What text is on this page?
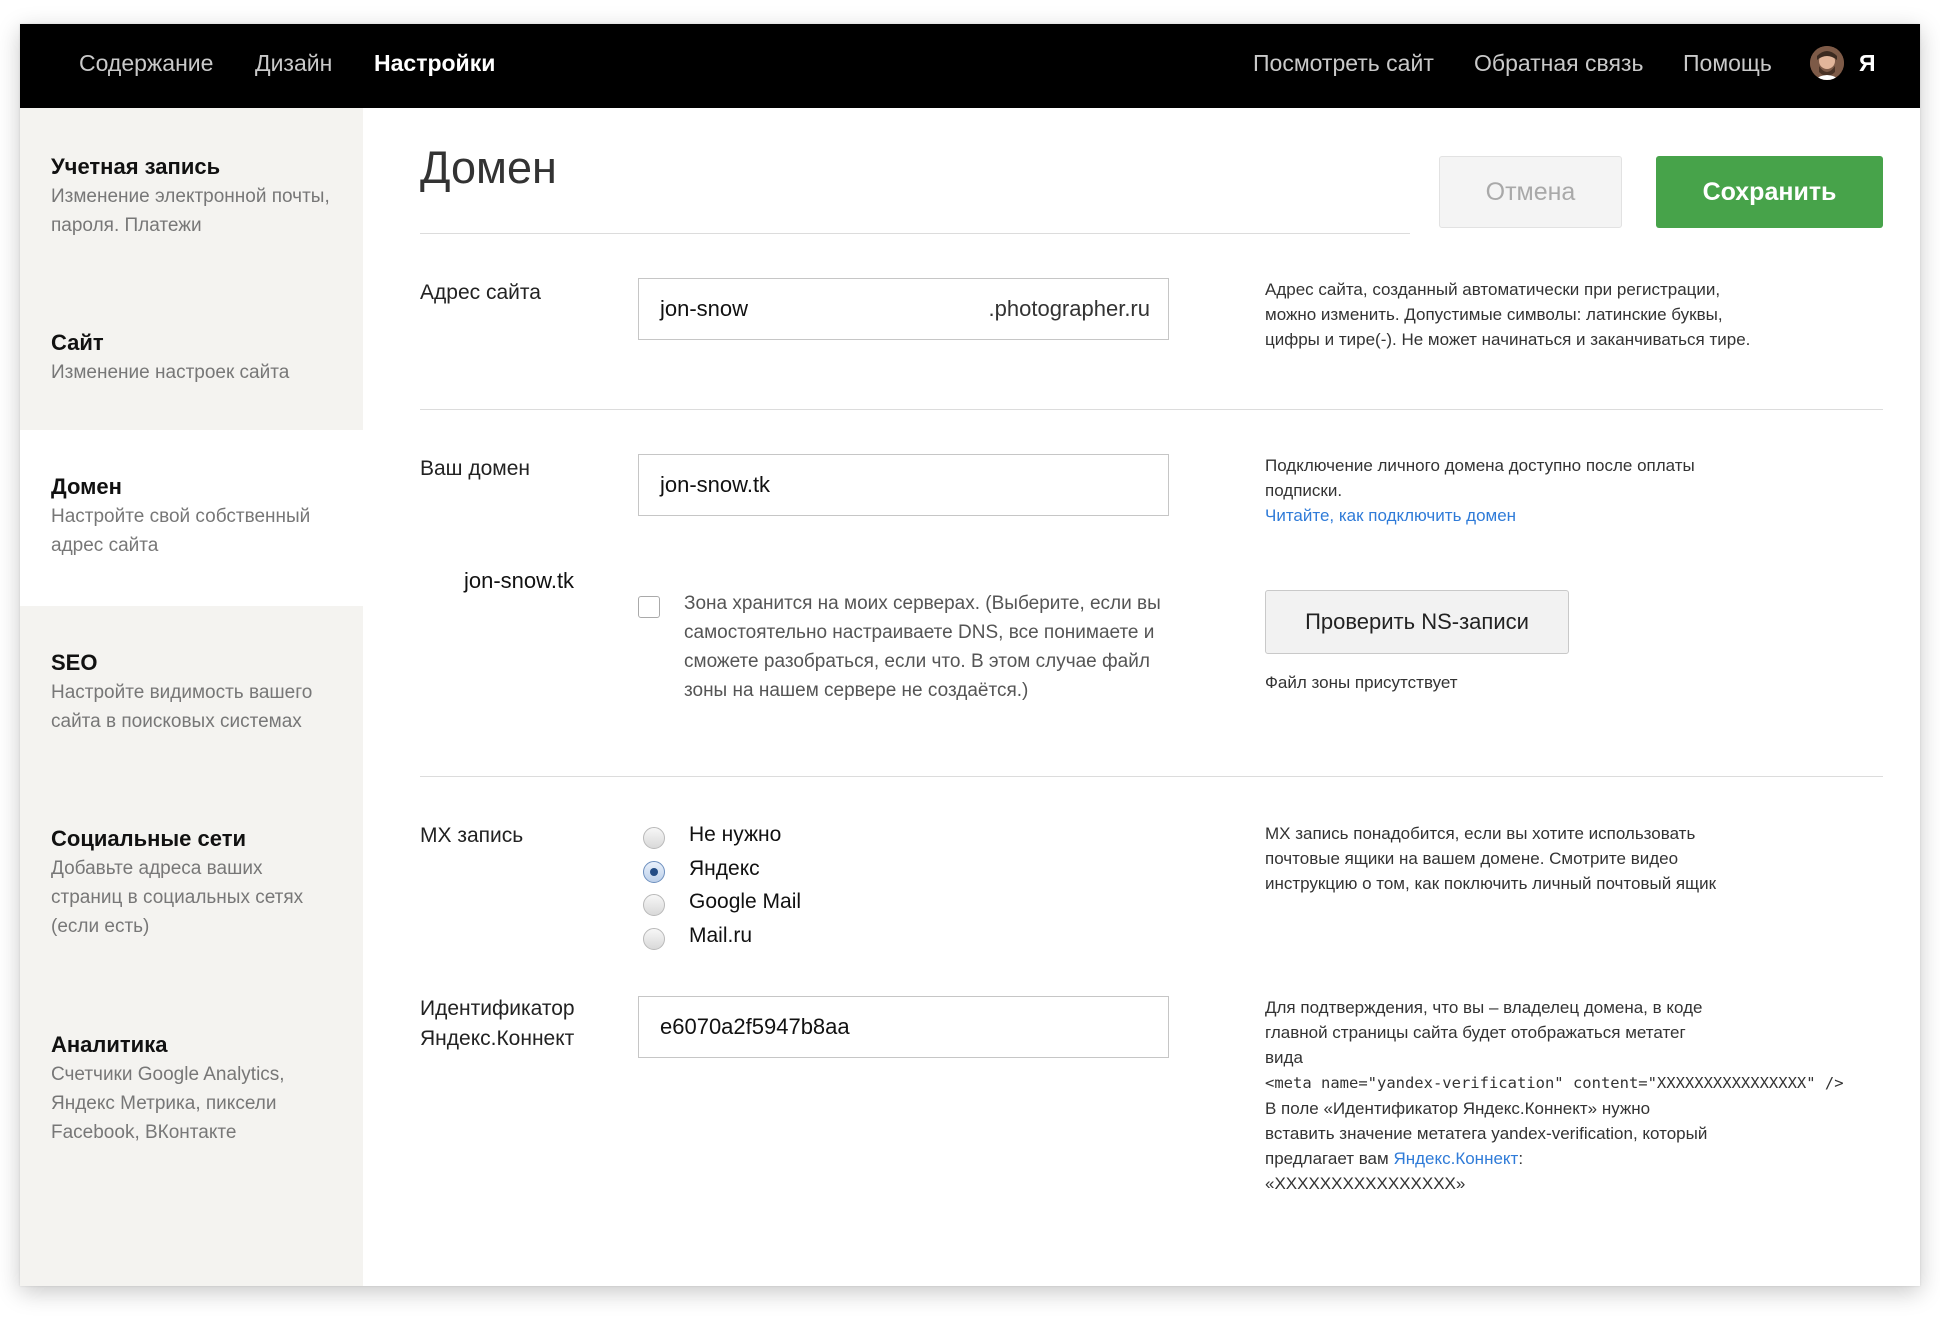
Содержание Дизайн Настройки	Посмотреть сайт Обратная связь Помощь	Я
Учетная запись
Изменение электронной почты, пароля. Платежи
Сайт
Изменение настроек сайта
Домен
Настройте свой собственный адрес сайта
SEO
Настройте видимость вашего сайта в поисковых системах
Социальные сети
Добавьте адреса ваших страниц в социальных сетях (если есть)
Аналитика
Счетчики Google Analytics, Яндекс Метрика, пиксели Facebook, ВКонтакте
Домен	Отмена	Сохранить
Адрес сайта
jon-snow	.photographer.ru
Адрес сайта, созданный автоматически при регистрации, можно изменить. Допустимые символы: латинские буквы, цифры и тире(-). Не может начинаться и заканчиваться тире.
Ваш домен
jon-snow.tk
Подключение личного домена доступно после оплаты подписки.
Читайте, как подключить домен
jon-snow.tk
Зона хранится на моих серверах. (Выберите, если вы самостоятельно настраиваете DNS, все понимаете и сможете разобраться, если что. В этом случае файл зоны на нашем сервере не создаётся.)
Проверить NS-записи
Файл зоны присутствует
MX запись	Не нужно
Яндекс
Google Mail
Mail.ru
MX запись понадобится, если вы хотите использовать почтовые ящики на вашем домене. Смотрите видео инструкцию о том, как поключить личный почтовый ящик
Идентификатор
Яндекс.Коннект	e6070a2f5947b8aa
Для подтверждения, что вы – владелец домена, в коде главной страницы сайта будет отображаться метатег вида
<meta name="yandex-verification" content="XXXXXXXXXXXXXXXX" />
В поле «Идентификатор Яндекс.Коннект» нужно вставить значение метатега yandex-verification, который предлагает вам Яндекс.Коннект:
«XXXXXXXXXXXXXXXX»
